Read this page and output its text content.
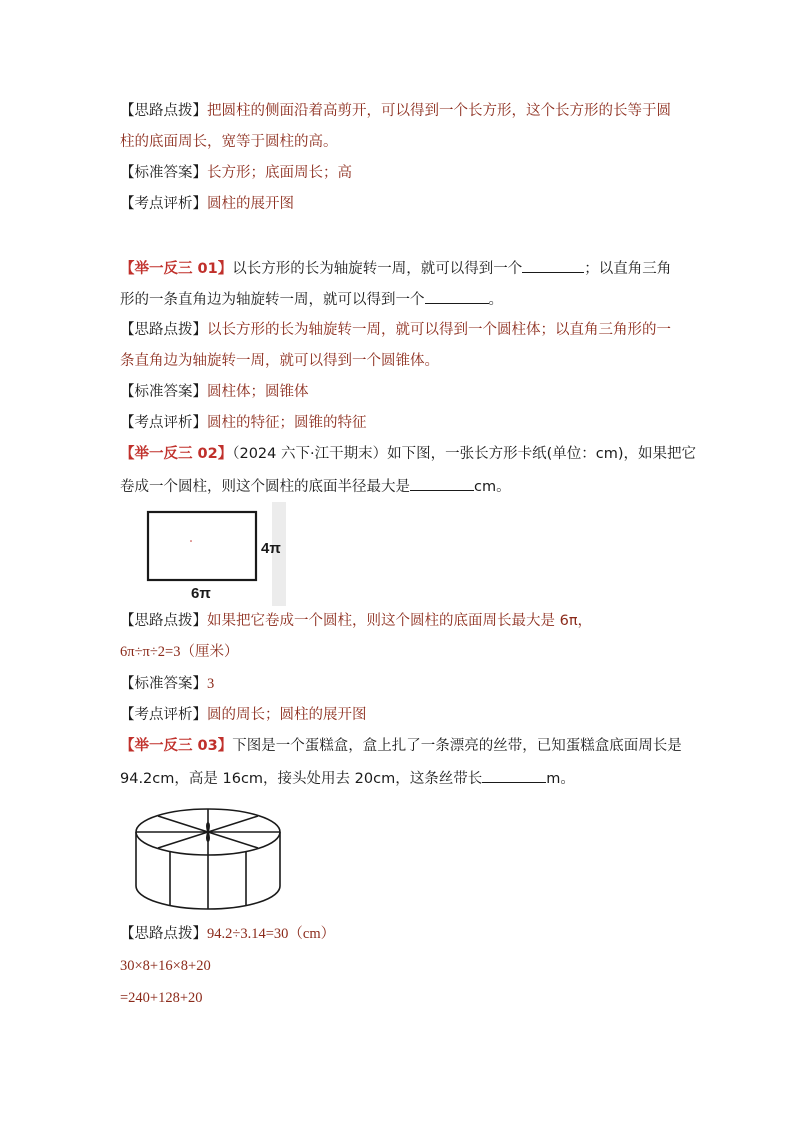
【思路点拨】把圆柱的侧面沿着高剪开，可以得到一个长方形，这个长方形的长等于圆
柱的底面周长，宽等于圆柱的高。
【标准答案】长方形；底面周长；高
【考点评析】圆柱的展开图
【举一反三 01】以长方形的长为轴旋转一周，就可以得到一个	；以直角三角
形的一条直角边为轴旋转一周，就可以得到一个	。
【思路点拨】以长方形的长为轴旋转一周，就可以得到一个圆柱体；以直角三角形的一
条直角边为轴旋转一周，就可以得到一个圆锥体。
【标准答案】圆柱体；圆锥体
【考点评析】圆柱的特征；圆锥的特征
【举一反三 02】（2024 六下·江干期末）如下图，一张长方形卡纸(单位：cm)，如果把它
卷成一个圆柱，则这个圆柱的底面半径最大是	cm。
4π
6π
【思路点拨】如果把它卷成一个圆柱，则这个圆柱的底面周长最大是 6π，
6π÷π÷2=3（厘米）
【标准答案】3
【考点评析】圆的周长；圆柱的展开图
【举一反三 03】下图是一个蛋糕盒，盒上扎了一条漂亮的丝带，已知蛋糕盒底面周长是
94.2cm，高是 16cm，接头处用去 20cm，这条丝带长	m。
【思路点拨】94.2÷3.14=30（cm）
30×8+16×8+20
=240+128+20
